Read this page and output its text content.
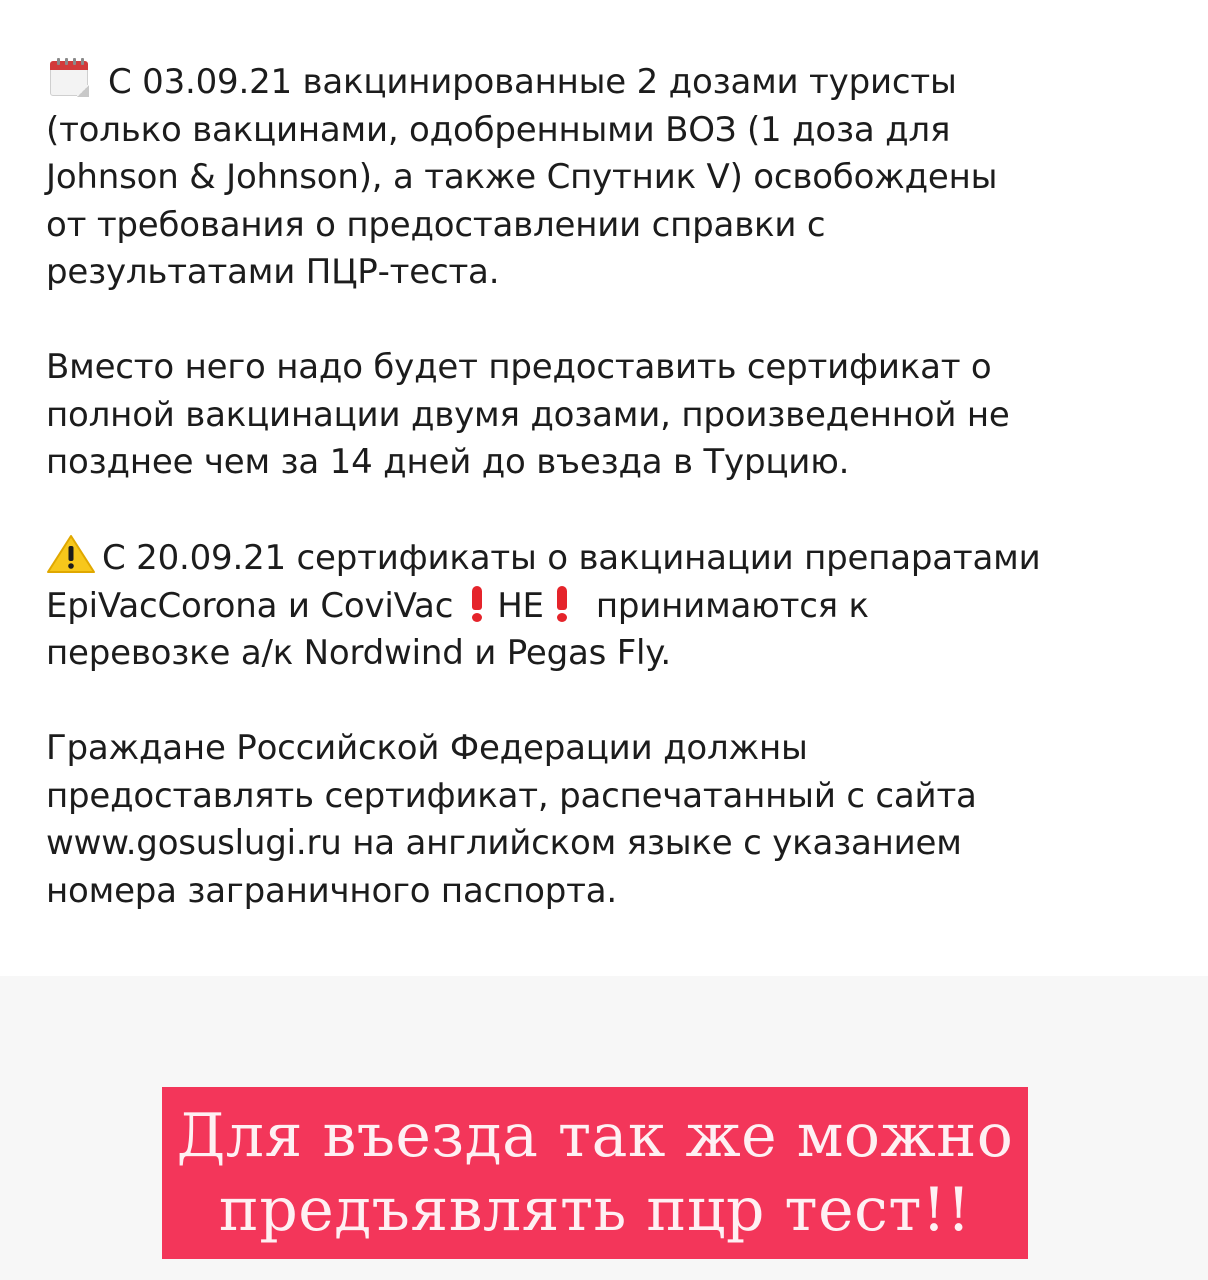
С 03.09.21 вакцинированные 2 дозами туристы
(только вакцинами, одобренными ВОЗ (1 доза для
Johnson & Johnson), а также Спутник V) освобождены
от требования о предоставлении справки с
результатами ПЦР-теста.
Вместо него надо будет предоставить сертификат о
полной вакцинации двумя дозами, произведенной не
позднее чем за 14 дней до въезда в Турцию.
С 20.09.21 сертификаты о вакцинации препаратами
EpiVacCorona и CoviVac НЕ принимаются к
перевозке а/к Nordwind и Pegas Fly.
Граждане Российской Федерации должны
предоставлять сертификат, распечатанный с сайта
www.gosuslugi.ru на английском языке с указанием
номера заграничного паспорта.
Для въезда так же можно
предъявлять пцр тест!!
